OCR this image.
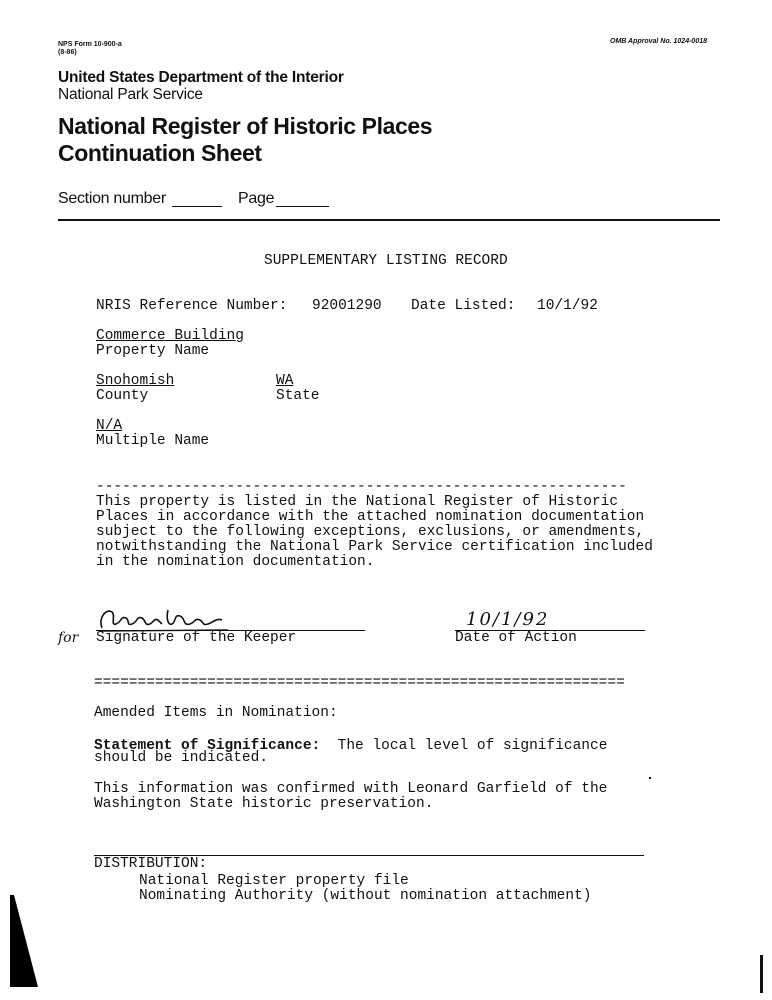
NPS Form 10-900-a
(8-86)
OMB Approval No. 1024-0018
United States Department of the Interior
National Park Service
National Register of Historic Places
Continuation Sheet
Section number	Page
SUPPLEMENTARY LISTING RECORD
NRIS Reference Number: 92001290 Date Listed: 10/1/92
Commerce Building
Property Name
Snohomish
County
WA
State
N/A
Multiple Name
-------------------------------------------------------------
This property is listed in the National Register of Historic
Places in accordance with the attached nomination documentation
subject to the following exceptions, exclusions, or amendments,
notwithstanding the National Park Service certification included
in the nomination documentation.
for Signature of the Keeper
10/1/92
Date of Action
=============================================================
Amended Items in Nomination:
Statement of Significance:  The local level of significance
should be indicated.
This information was confirmed with Leonard Garfield of the
Washington State historic preservation.
DISTRIBUTION:
National Register property file
Nominating Authority (without nomination attachment)
